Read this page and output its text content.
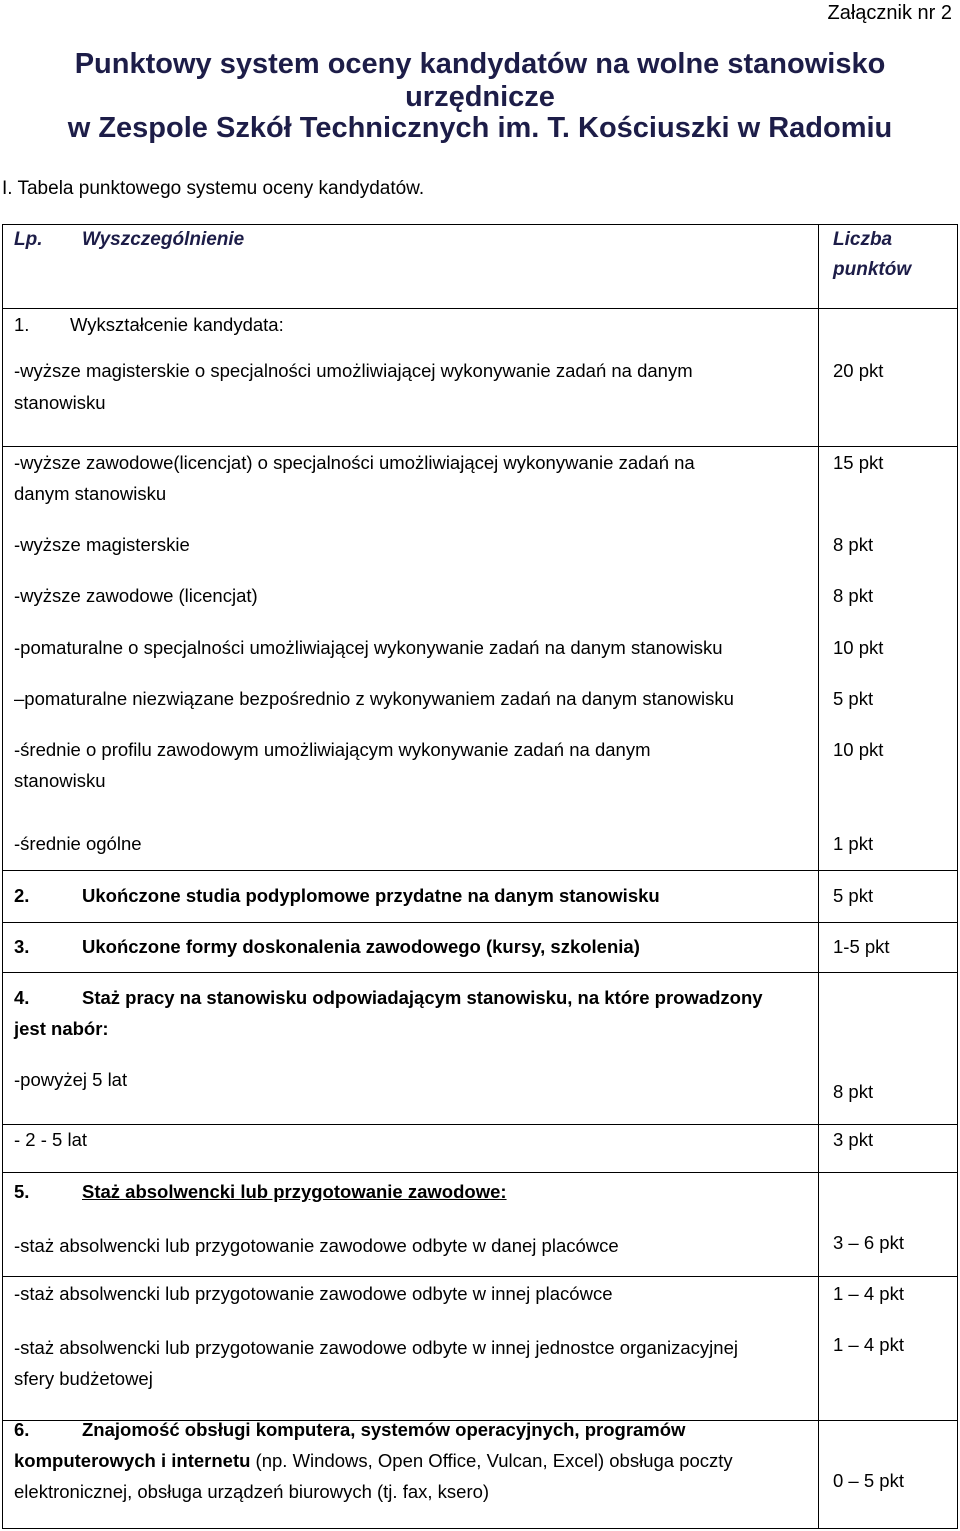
Załącznik nr 2
Punktowy system oceny kandydatów na wolne stanowisko urzędnicze
w Zespole Szkół Technicznych im. T. Kościuszki w Radomiu
I. Tabela punktowego systemu oceny kandydatów.
Lp. Wyszczególnienie	Liczba
punktów
1. Wykształcenie kandydata:
-wyższe magisterskie o specjalności umożliwiającej wykonywanie zadań na danym
stanowisku
20 pkt
-wyższe zawodowe(licencjat) o specjalności umożliwiającej wykonywanie zadań na
danym stanowisku
15 pkt
-wyższe magisterskie	8 pkt
-wyższe zawodowe (licencjat)	8 pkt
-pomaturalne o specjalności umożliwiającej wykonywanie zadań na danym stanowisku	10 pkt
–pomaturalne niezwiązane bezpośrednio z wykonywaniem zadań na danym stanowisku	5 pkt
-średnie o profilu zawodowym umożliwiającym wykonywanie zadań na danym
stanowisku
10 pkt
-średnie ogólne	1 pkt
2.	Ukończone studia podyplomowe przydatne na danym stanowisku	5 pkt
3.	Ukończone formy doskonalenia zawodowego (kursy, szkolenia)	1-5 pkt
4.	Staż pracy na stanowisku odpowiadającym stanowisku, na które prowadzony
jest nabór:
-powyżej 5 lat
8 pkt
- 2 - 5 lat	3 pkt
5.	Staż absolwencki lub przygotowanie zawodowe:
-staż absolwencki lub przygotowanie zawodowe odbyte w danej placówce	3 – 6 pkt
-staż absolwencki lub przygotowanie zawodowe odbyte w innej placówce	1 – 4 pkt
-staż absolwencki lub przygotowanie zawodowe odbyte w innej jednostce organizacyjnej
sfery budżetowej
1 – 4 pkt
6.	Znajomość obsługi komputera, systemów operacyjnych, programów
komputerowych i internetu (np. Windows, Open Office, Vulcan, Excel) obsługa poczty
elektronicznej, obsługa urządzeń biurowych (tj. fax, ksero)
0 – 5 pkt
